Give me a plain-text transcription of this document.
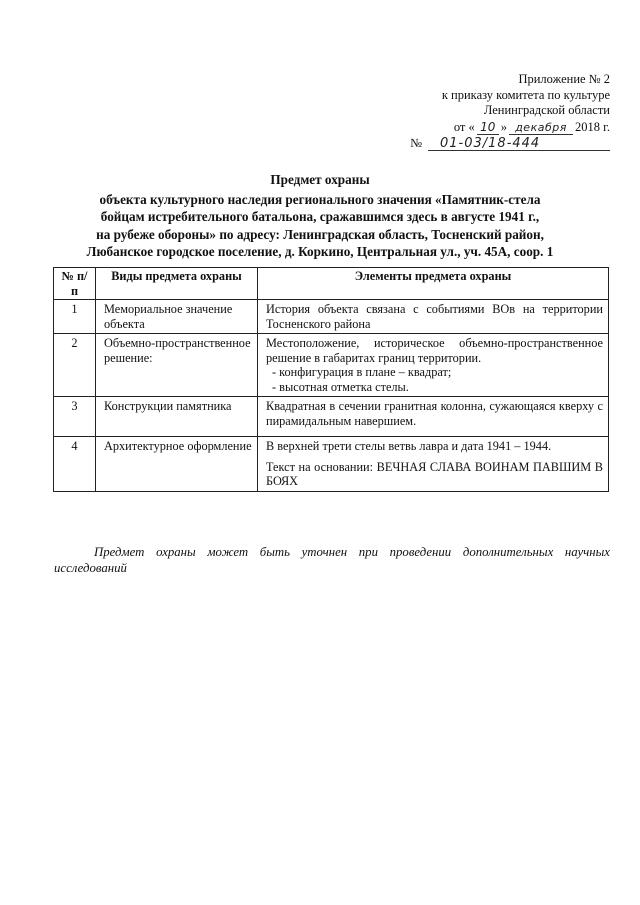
Приложение № 2
к приказу комитета по культуре
Ленинградской области
от « 10 » декабря 2018 г.
№	01-03/18-444
Предмет охраны
объекта культурного наследия регионального значения «Памятник-стела
бойцам истребительного батальона, сражавшимся здесь в августе 1941 г.,
на рубеже обороны» по адресу: Ленинградская область, Тосненский район,
Любанское городское поселение, д. Коркино, Центральная ул., уч. 45А, соор. 1
№ п/п	Виды предмета охраны	Элементы предмета охраны
1	Мемориальное значение объекта	История объекта связана с событиями ВОв на территории Тосненского района

2	Объемно-пространственное решение:	Местоположение, историческое объемно-пространственное решение в габаритах границ территории.
- конфигурация в плане – квадрат;
- высотная отметка стелы.

3	Конструкции памятника	Квадратная в сечении гранитная колонна, сужающаяся кверху с пирамидальным навершием.

4	Архитектурное оформление	В верхней трети стелы ветвь лавра и дата 1941 – 1944.
Текст на основании: ВЕЧНАЯ СЛАВА ВОИНАМ ПАВШИМ В БОЯХ
Предмет охраны может быть уточнен при проведении дополнительных научных исследований
